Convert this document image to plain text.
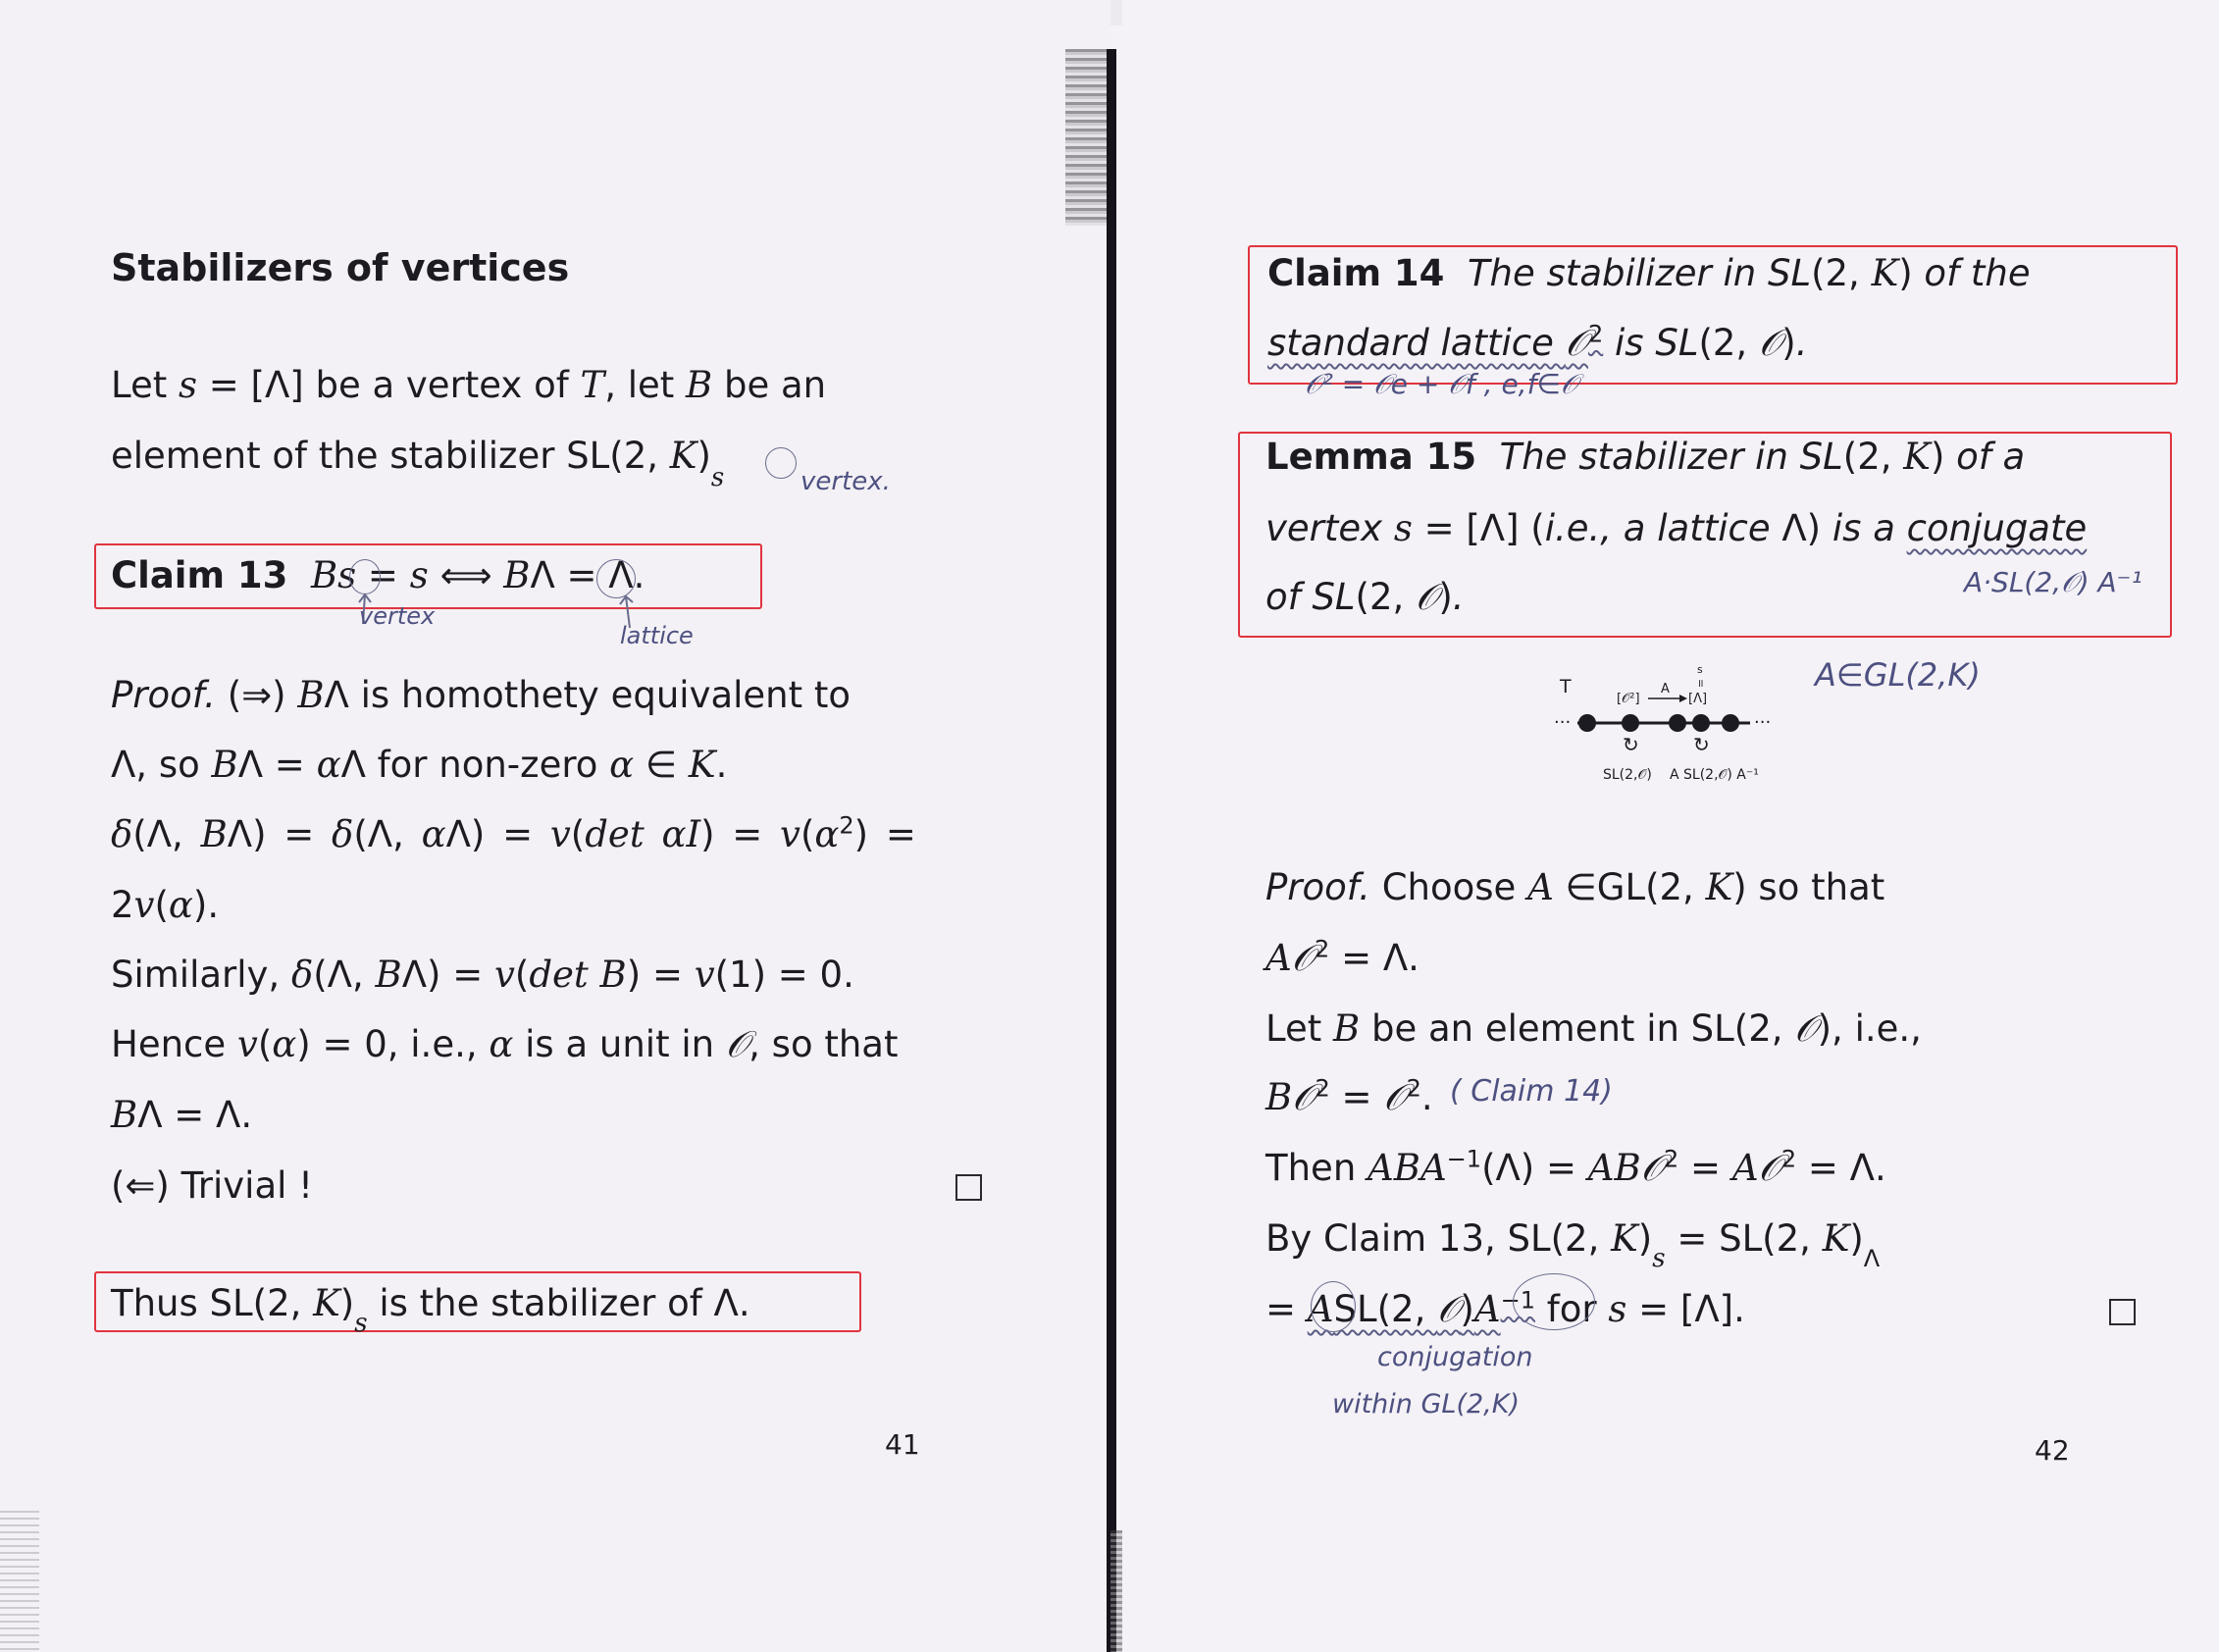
Stabilizers of vertices
Let s = [Λ] be a vertex of T, let B be an
element of the stabilizer SL(2, $K)_s$	vertex.
Claim 13 Bs = s ⟺ BΛ = Λ.
vertex
lattice
Proof. (⇒) BΛ is homothety equivalent to
Λ, so BΛ = αΛ for non-zero α ∈ K.
δ(Λ, BΛ) = δ(Λ, αΛ) = v(det $\alpha I) = v(\alpha^2)$ =
2v(α).
Similarly, δ(Λ, BΛ) = v(det B) = v(1) = 0.
Hence v(α) = 0, i.e., α is a unit in 𝒪, so that
BΛ = Λ.
(⇐) Trivial !
Thus SL(2, $K)_s$ is the stabilizer of Λ.
41
Claim 14 The stabilizer in SL(2, K) of the
standard lattice 𝒪$^2$ is SL(2, 𝒪).
𝒪² = 𝒪e + 𝒪f , e,f∈𝒪
Lemma 15 The stabilizer in SL(2, K) of a
vertex s = [Λ] (i.e., a lattice Λ) is a conjugate
of SL(2, 𝒪).	A·SL(2,𝒪) A⁻¹
A∈GL(2,K)
T
···	···
[𝒪²]
A
[Λ]
s
॥
↻	↻
SL(2,𝒪) A SL(2,𝒪) A⁻¹
Proof. Choose A ∈GL(2, K) so that
A𝒪$^2$ = Λ.
Let B be an element in SL(2, 𝒪), i.e.,
B𝒪$^2$ = 𝒪$^2$. ( Claim 14)
Then $ABA^{-1}(\Lambda)$ = AB𝒪$^2$ = A𝒪$^2$ = Λ.
By Claim 13, SL(2, $K)_s = SL(2$, $K)_\Lambda$
= ASL(2, $𝒪)A^{-1}$ for s = [Λ].
conjugation
within GL(2,K)
42
